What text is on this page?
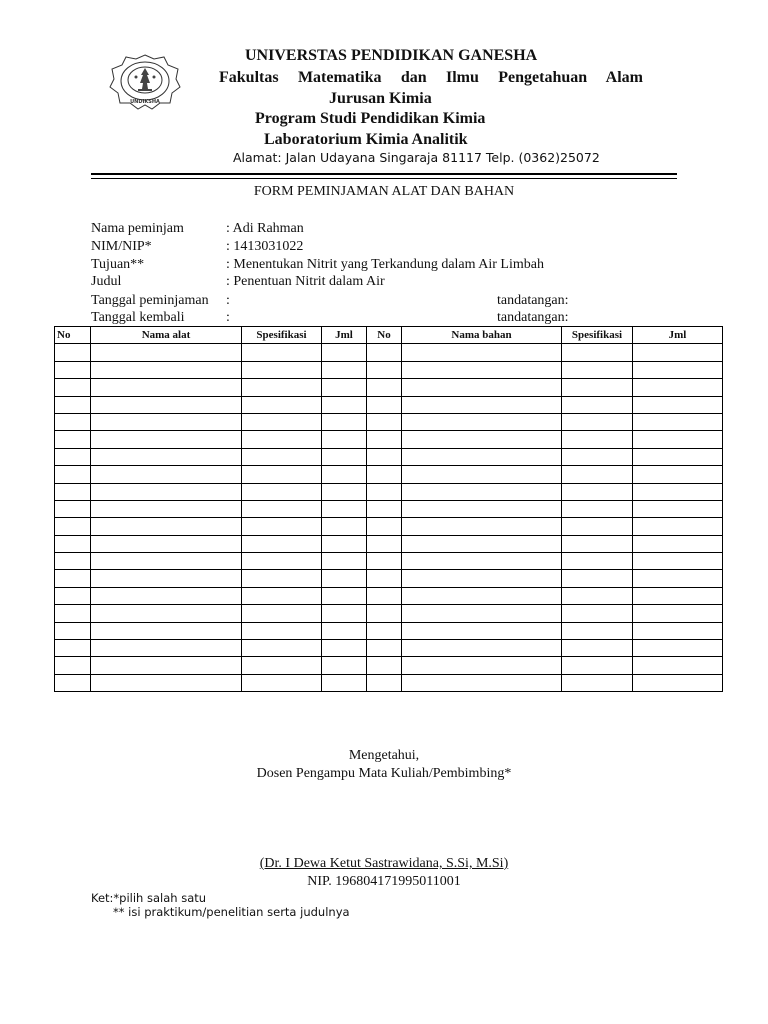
UNDIKSHA
UNIVERSTAS PENDIDIKAN GANESHA
Fakultas Matematika dan Ilmu Pengetahuan Alam
Jurusan Kimia
Program Studi Pendidikan Kimia
Laboratorium Kimia Analitik
Alamat: Jalan Udayana Singaraja 81117 Telp. (0362)25072
FORM PEMINJAMAN ALAT DAN BAHAN
Nama peminjam	: Adi Rahman
NIM/NIP*	: 1413031022
Tujuan**	: Menentukan Nitrit yang Terkandung dalam Air Limbah
Judul	: Penentuan Nitrit dalam Air
Tanggal peminjaman :	tandatangan:
Tanggal kembali	:	tandatangan:
No	Nama alat	Spesifikasi	Jml	No	Nama bahan	Spesifikasi	Jml

Mengetahui,
Dosen Pengampu Mata Kuliah/Pembimbing*
(Dr. I Dewa Ketut Sastrawidana, S.Si, M.Si)
NIP. 196804171995011001
Ket:*pilih salah satu
** isi praktikum/penelitian serta judulnya
